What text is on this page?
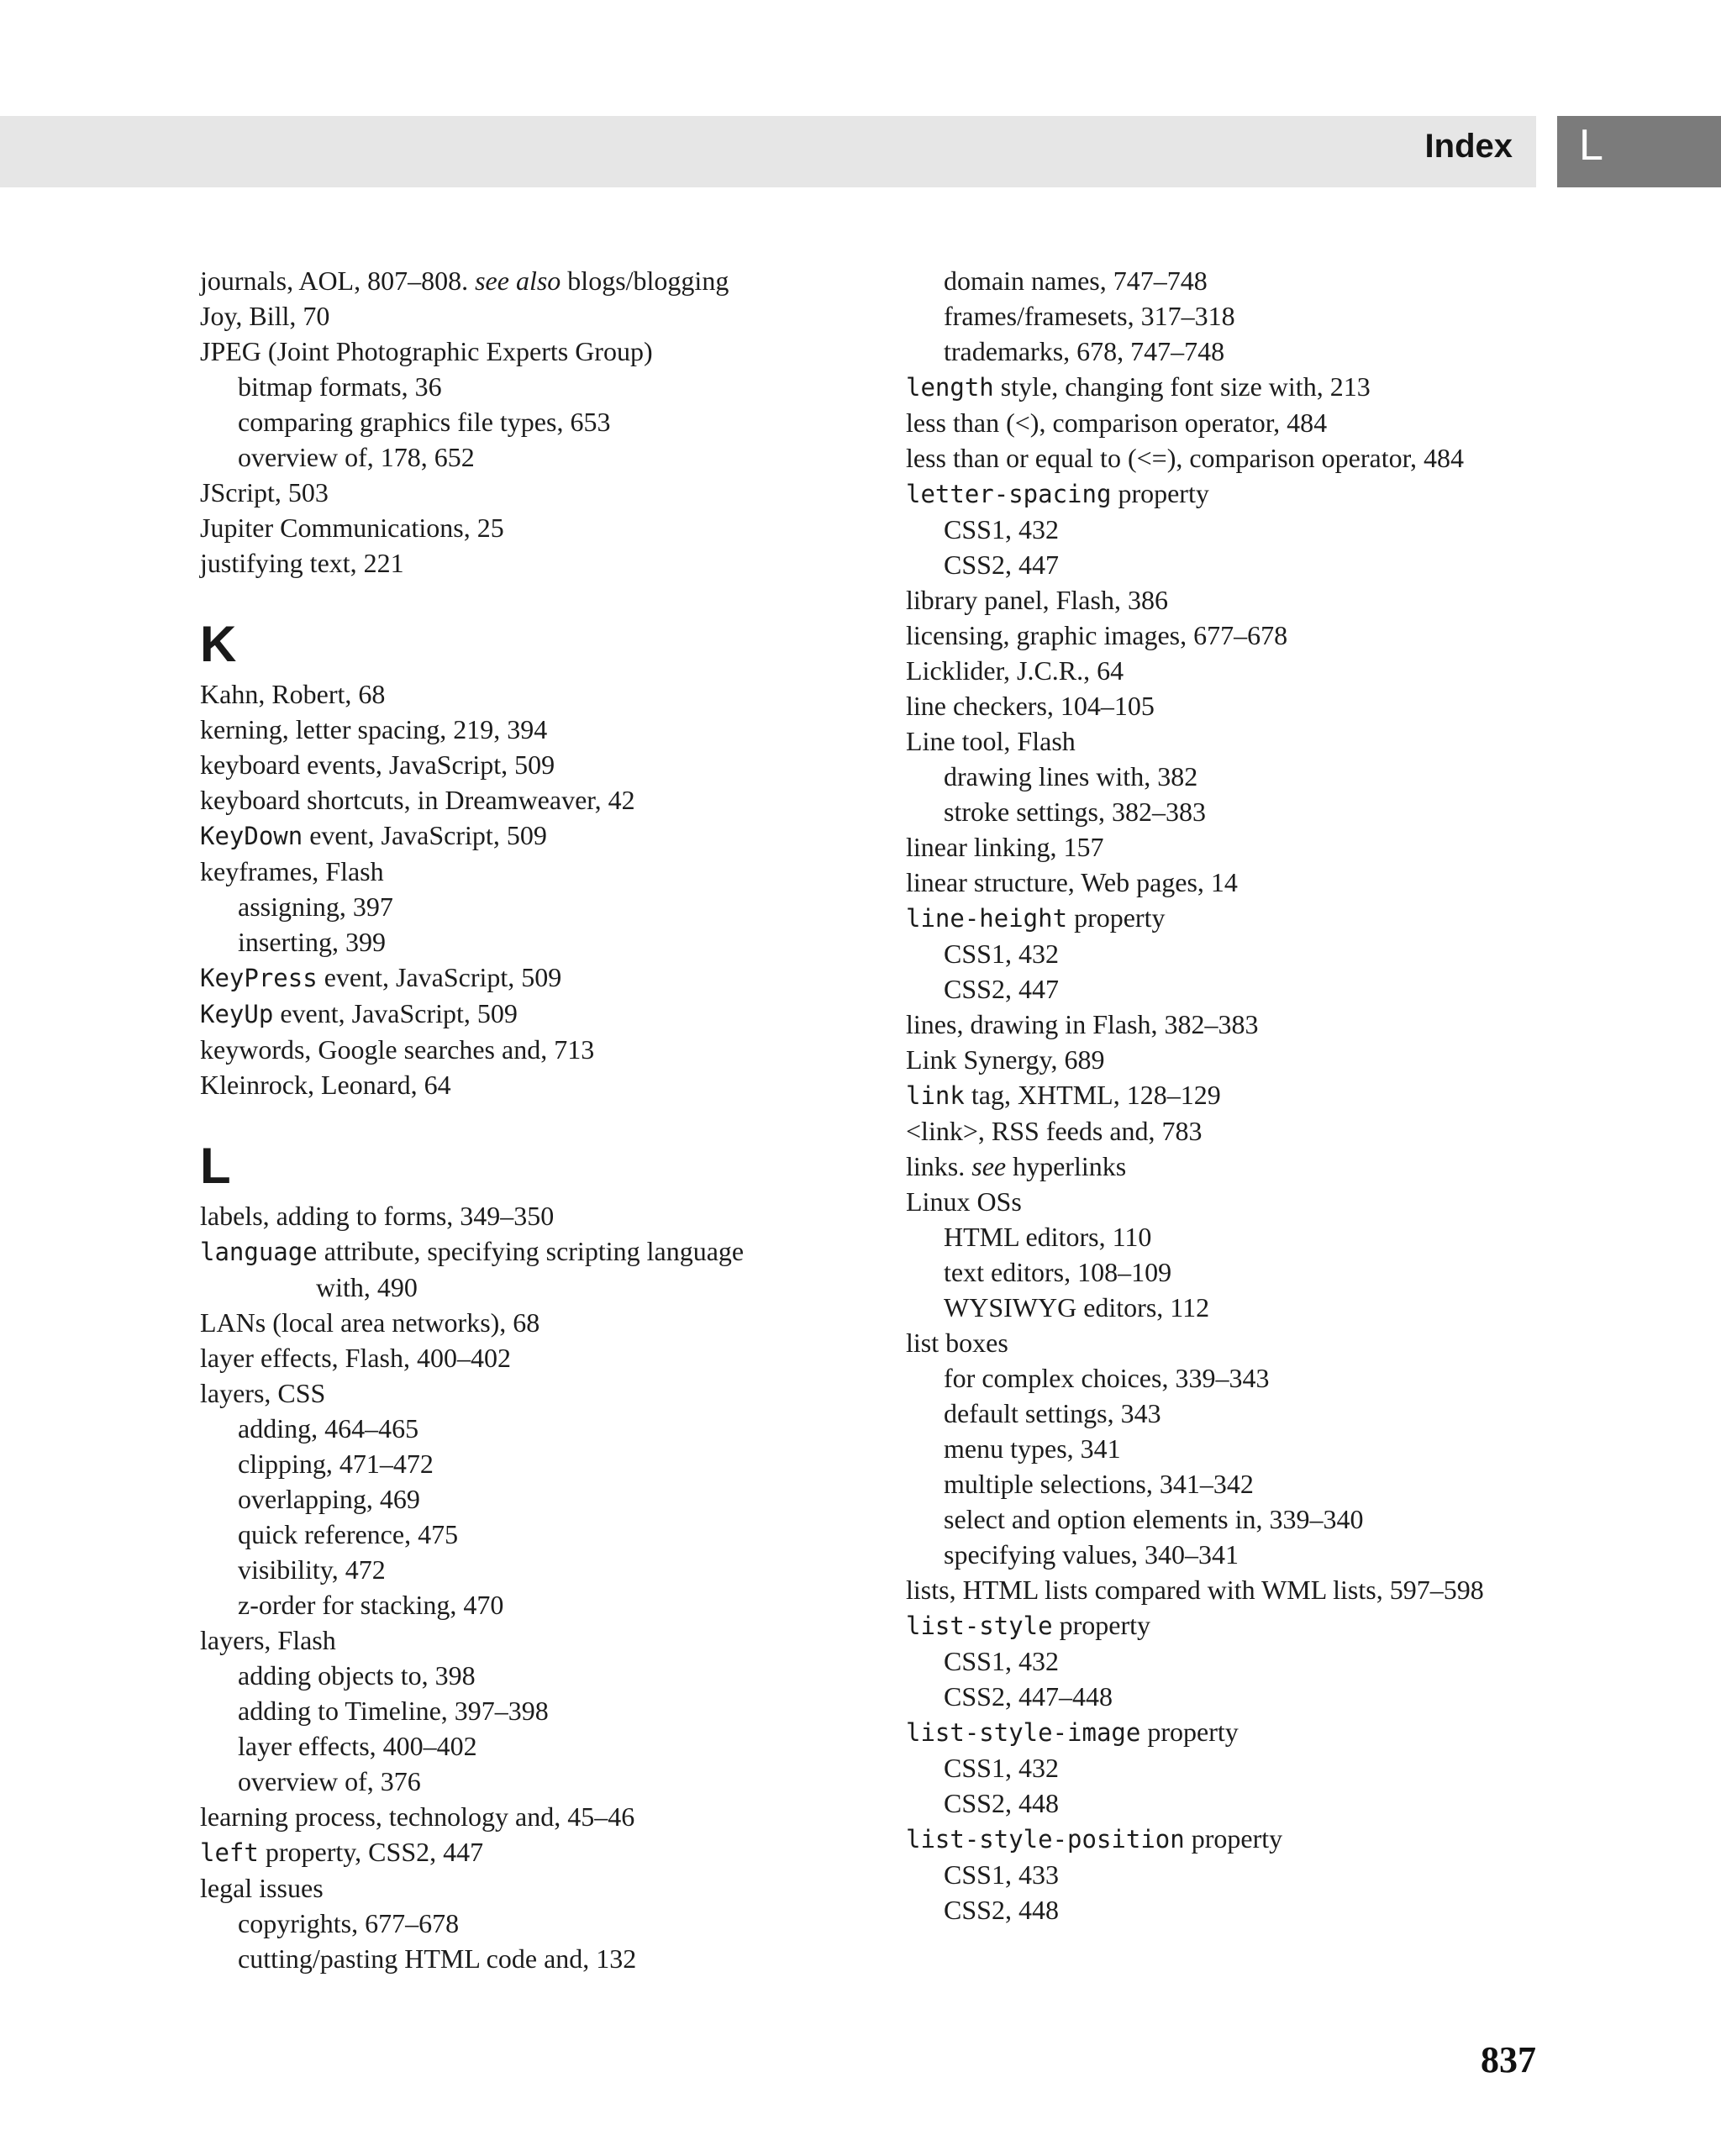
Index L
journals, AOL, 807–808. see also blogs/blogging
Joy, Bill, 70
JPEG (Joint Photographic Experts Group)
bitmap formats, 36
comparing graphics file types, 653
overview of, 178, 652
JScript, 503
Jupiter Communications, 25
justifying text, 221
K
Kahn, Robert, 68
kerning, letter spacing, 219, 394
keyboard events, JavaScript, 509
keyboard shortcuts, in Dreamweaver, 42
KeyDown event, JavaScript, 509
keyframes, Flash
assigning, 397
inserting, 399
KeyPress event, JavaScript, 509
KeyUp event, JavaScript, 509
keywords, Google searches and, 713
Kleinrock, Leonard, 64
L
labels, adding to forms, 349–350
language attribute, specifying scripting language
with, 490
LANs (local area networks), 68
layer effects, Flash, 400–402
layers, CSS
adding, 464–465
clipping, 471–472
overlapping, 469
quick reference, 475
visibility, 472
z-order for stacking, 470
layers, Flash
adding objects to, 398
adding to Timeline, 397–398
layer effects, 400–402
overview of, 376
learning process, technology and, 45–46
left property, CSS2, 447
legal issues
copyrights, 677–678
cutting/pasting HTML code and, 132
domain names, 747–748
frames/framesets, 317–318
trademarks, 678, 747–748
length style, changing font size with, 213
less than (<), comparison operator, 484
less than or equal to (<=), comparison operator, 484
letter-spacing property
CSS1, 432
CSS2, 447
library panel, Flash, 386
licensing, graphic images, 677–678
Licklider, J.C.R., 64
line checkers, 104–105
Line tool, Flash
drawing lines with, 382
stroke settings, 382–383
linear linking, 157
linear structure, Web pages, 14
line-height property
CSS1, 432
CSS2, 447
lines, drawing in Flash, 382–383
Link Synergy, 689
link tag, XHTML, 128–129
<link>, RSS feeds and, 783
links. see hyperlinks
Linux OSs
HTML editors, 110
text editors, 108–109
WYSIWYG editors, 112
list boxes
for complex choices, 339–343
default settings, 343
menu types, 341
multiple selections, 341–342
select and option elements in, 339–340
specifying values, 340–341
lists, HTML lists compared with WML lists, 597–598
list-style property
CSS1, 432
CSS2, 447–448
list-style-image property
CSS1, 432
CSS2, 448
list-style-position property
CSS1, 433
CSS2, 448
837
